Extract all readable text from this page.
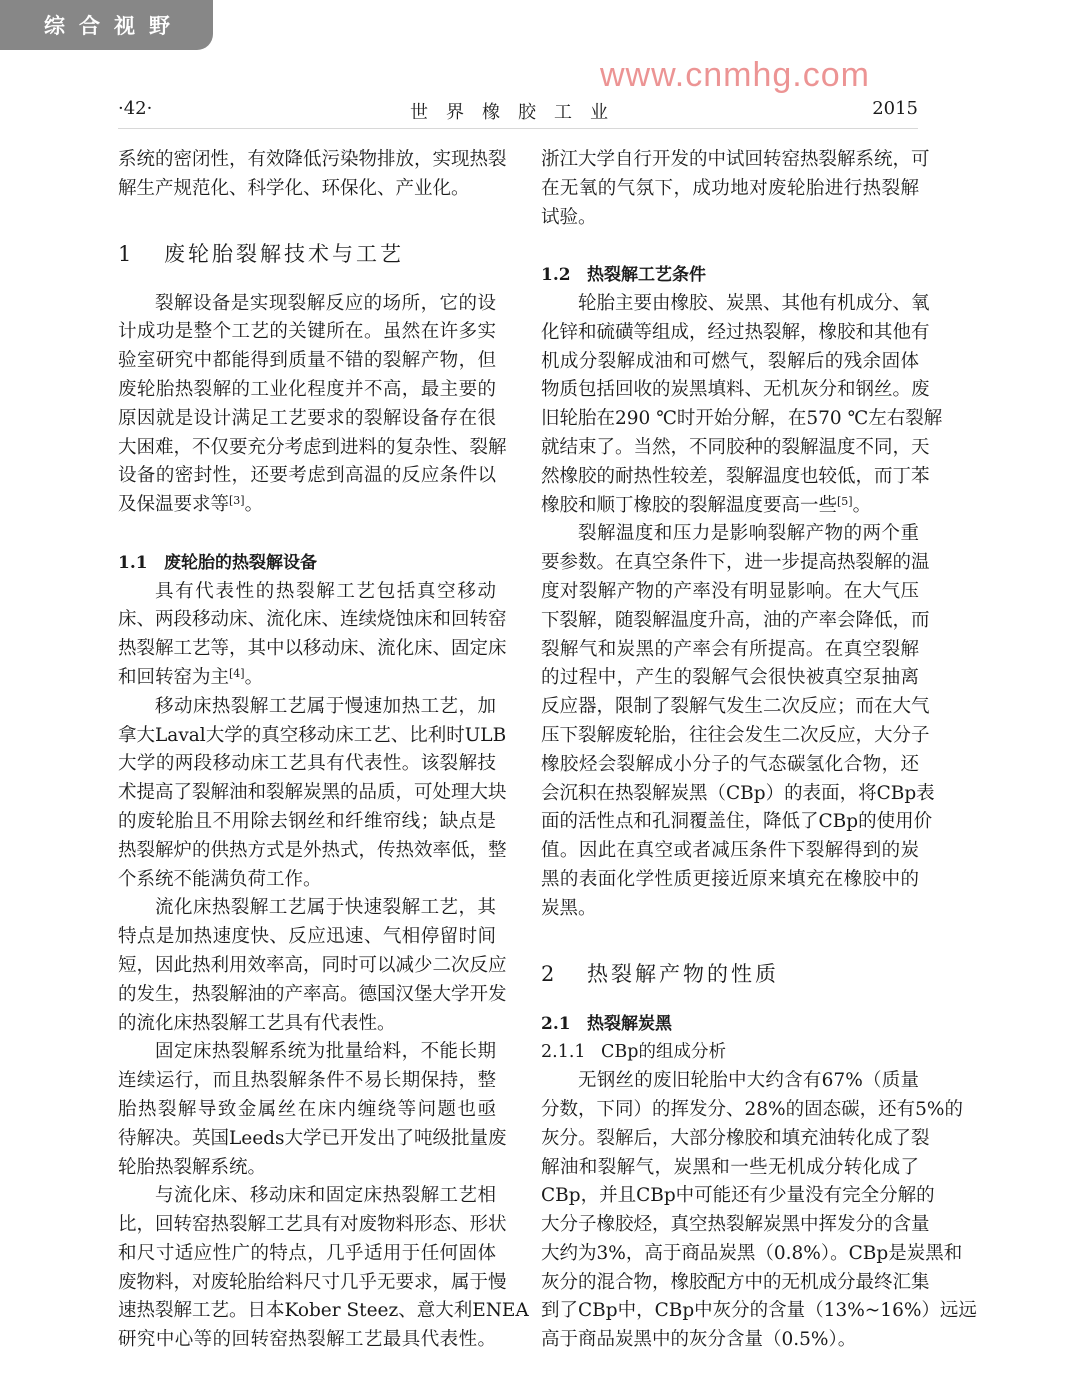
综合视野
·42·	世界橡胶工业	2015
系统的密闭性，有效降低污染物排放，实现热裂
解生产规范化、科学化、环保化、产业化。
1 废轮胎裂解技术与工艺
裂解设备是实现裂解反应的场所，它的设
计成功是整个工艺的关键所在。虽然在许多实
验室研究中都能得到质量不错的裂解产物，但
废轮胎热裂解的工业化程度并不高，最主要的
原因就是设计满足工艺要求的裂解设备存在很
大困难，不仅要充分考虑到进料的复杂性、裂解
设备的密封性，还要考虑到高温的反应条件以
及保温要求等[3]。
1.1 废轮胎的热裂解设备
具有代表性的热裂解工艺包括真空移动
床、两段移动床、流化床、连续烧蚀床和回转窑
热裂解工艺等，其中以移动床、流化床、固定床
和回转窑为主[4]。
移动床热裂解工艺属于慢速加热工艺，加
拿大Laval大学的真空移动床工艺、比利时ULB
大学的两段移动床工艺具有代表性。该裂解技
术提高了裂解油和裂解炭黑的品质，可处理大块
的废轮胎且不用除去钢丝和纤维帘线；缺点是
热裂解炉的供热方式是外热式，传热效率低，整
个系统不能满负荷工作。
流化床热裂解工艺属于快速裂解工艺，其
特点是加热速度快、反应迅速、气相停留时间
短，因此热利用效率高，同时可以减少二次反应
的发生，热裂解油的产率高。德国汉堡大学开发
的流化床热裂解工艺具有代表性。
固定床热裂解系统为批量给料，不能长期
连续运行，而且热裂解条件不易长期保持，整
胎热裂解导致金属丝在床内缠绕等问题也亟
待解决。英国Leeds大学已开发出了吨级批量废
轮胎热裂解系统。
与流化床、移动床和固定床热裂解工艺相
比，回转窑热裂解工艺具有对废物料形态、形状
和尺寸适应性广的特点，几乎适用于任何固体
废物料，对废轮胎给料尺寸几乎无要求，属于慢
速热裂解工艺。日本Kober Steez、意大利ENEA
研究中心等的回转窑热裂解工艺最具代表性。
浙江大学自行开发的中试回转窑热裂解系统，可
在无氧的气氛下，成功地对废轮胎进行热裂解
试验。
1.2 热裂解工艺条件
轮胎主要由橡胶、炭黑、其他有机成分、氧
化锌和硫磺等组成，经过热裂解，橡胶和其他有
机成分裂解成油和可燃气，裂解后的残余固体
物质包括回收的炭黑填料、无机灰分和钢丝。废
旧轮胎在290 ℃时开始分解，在570 ℃左右裂解
就结束了。当然，不同胶种的裂解温度不同，天
然橡胶的耐热性较差，裂解温度也较低，而丁苯
橡胶和顺丁橡胶的裂解温度要高一些[5]。
裂解温度和压力是影响裂解产物的两个重
要参数。在真空条件下，进一步提高热裂解的温
度对裂解产物的产率没有明显影响。在大气压
下裂解，随裂解温度升高，油的产率会降低，而
裂解气和炭黑的产率会有所提高。在真空裂解
的过程中，产生的裂解气会很快被真空泵抽离
反应器，限制了裂解气发生二次反应；而在大气
压下裂解废轮胎，往往会发生二次反应，大分子
橡胶烃会裂解成小分子的气态碳氢化合物，还
会沉积在热裂解炭黑（CBp）的表面，将CBp表
面的活性点和孔洞覆盖住，降低了CBp的使用价
值。因此在真空或者减压条件下裂解得到的炭
黑的表面化学性质更接近原来填充在橡胶中的
炭黑。
2 热裂解产物的性质
2.1 热裂解炭黑
2.1.1 CBp的组成分析
无钢丝的废旧轮胎中大约含有67%（质量
分数，下同）的挥发分、28%的固态碳，还有5%的
灰分。裂解后，大部分橡胶和填充油转化成了裂
解油和裂解气，炭黑和一些无机成分转化成了
CBp，并且CBp中可能还有少量没有完全分解的
大分子橡胶烃，真空热裂解炭黑中挥发分的含量
大约为3%，高于商品炭黑（0.8%）。CBp是炭黑和
灰分的混合物，橡胶配方中的无机成分最终汇集
到了CBp中，CBp中灰分的含量（13%~16%）远远
高于商品炭黑中的灰分含量（0.5%）。
www.cnmhg.com
